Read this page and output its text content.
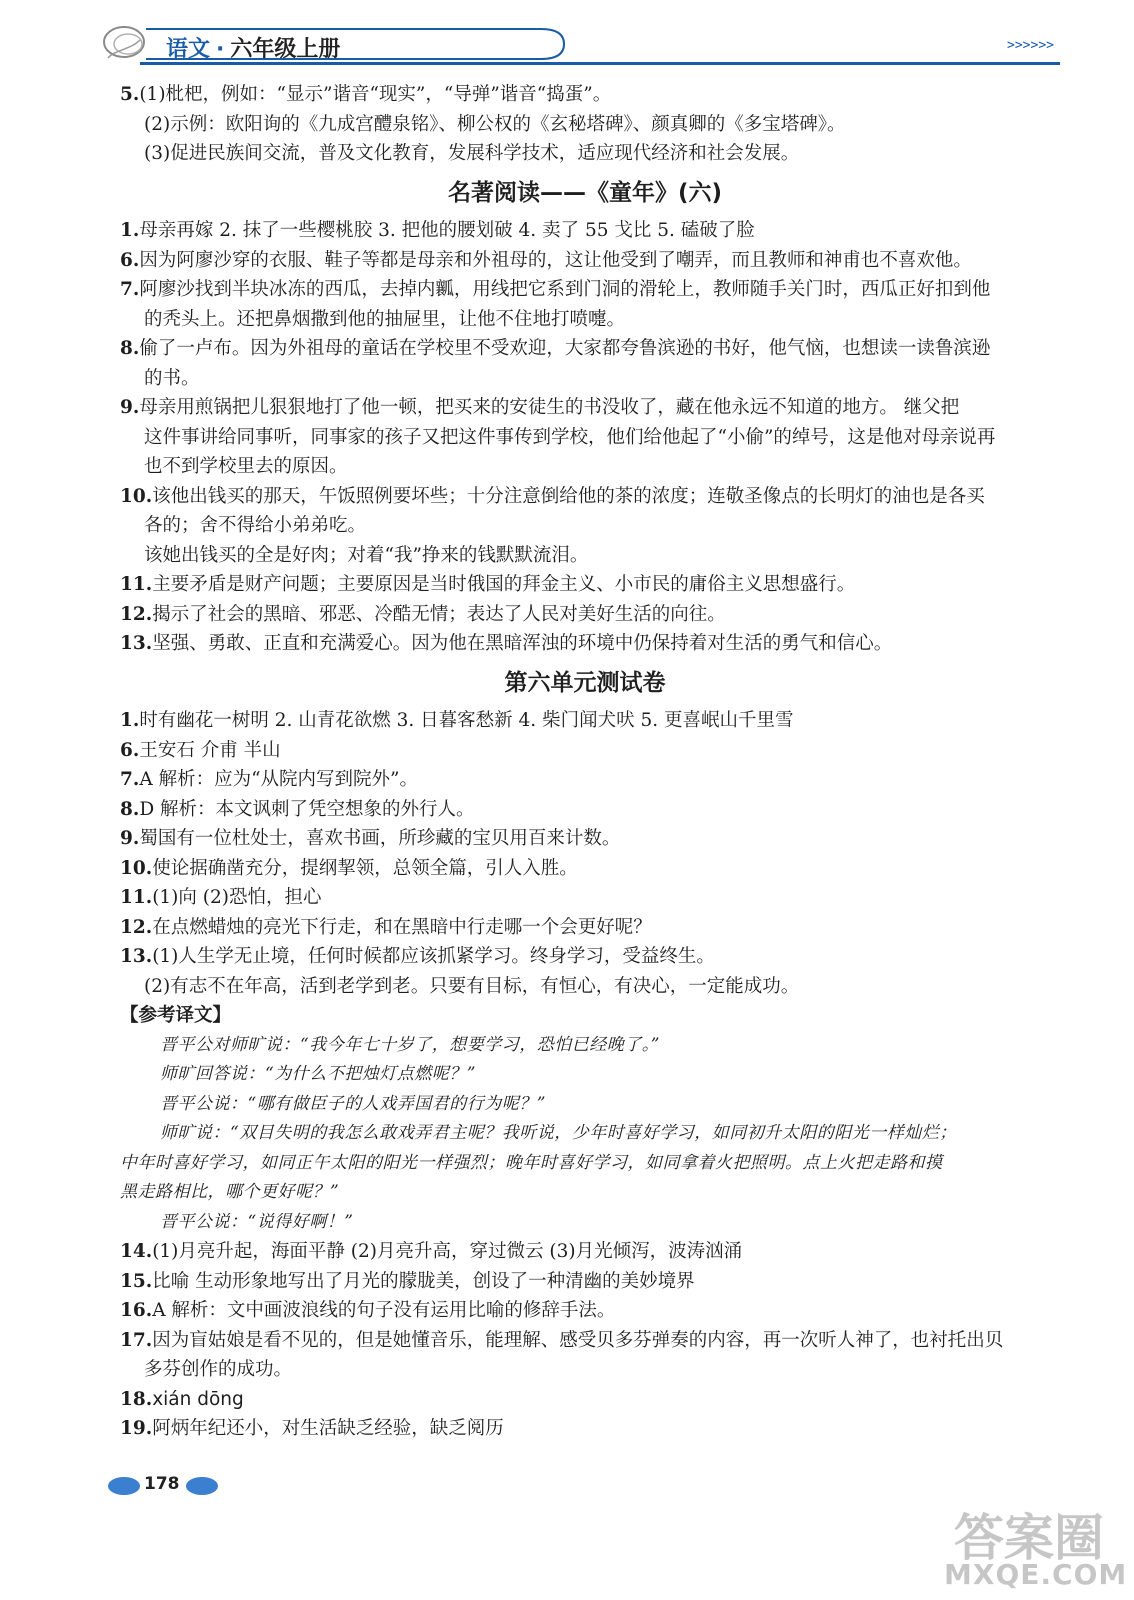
语文 · 六年级上册	>>>>>>
5.(1)枇杷，例如：“显示”谐音“现实”，“导弹”谐音“捣蛋”。
(2)示例：欧阳询的《九成宫醴泉铭》、柳公权的《玄秘塔碑》、颜真卿的《多宝塔碑》。
(3)促进民族间交流，普及文化教育，发展科学技术，适应现代经济和社会发展。
名著阅读——《童年》(六)
1.母亲再嫁 2. 抹了一些樱桃胶 3. 把他的腰划破 4. 卖了 55 戈比 5. 磕破了脸
6.因为阿廖沙穿的衣服、鞋子等都是母亲和外祖母的，这让他受到了嘲弄，而且教师和神甫也不喜欢他。
7.阿廖沙找到半块冰冻的西瓜，去掉内瓤，用线把它系到门洞的滑轮上，教师随手关门时，西瓜正好扣到他
的秃头上。还把鼻烟撒到他的抽屉里，让他不住地打喷嚏。
8.偷了一卢布。因为外祖母的童话在学校里不受欢迎，大家都夸鲁滨逊的书好，他气恼，也想读一读鲁滨逊
的书。
9.母亲用煎锅把儿狠狠地打了他一顿，把买来的安徒生的书没收了，藏在他永远不知道的地方。 继父把
这件事讲给同事听，同事家的孩子又把这件事传到学校，他们给他起了“小偷”的绰号，这是他对母亲说再
也不到学校里去的原因。
10.该他出钱买的那天，午饭照例要坏些；十分注意倒给他的茶的浓度；连敬圣像点的长明灯的油也是各买
各的；舍不得给小弟弟吃。
该她出钱买的全是好肉；对着“我”挣来的钱默默流泪。
11.主要矛盾是财产问题；主要原因是当时俄国的拜金主义、小市民的庸俗主义思想盛行。
12.揭示了社会的黑暗、邪恶、冷酷无情；表达了人民对美好生活的向往。
13.坚强、勇敢、正直和充满爱心。因为他在黑暗浑浊的环境中仍保持着对生活的勇气和信心。
第六单元测试卷
1.时有幽花一树明 2. 山青花欲燃 3. 日暮客愁新 4. 柴门闻犬吠 5. 更喜岷山千里雪
6.王安石 介甫 半山
7.A 解析：应为“从院内写到院外”。
8.D 解析：本文讽刺了凭空想象的外行人。
9.蜀国有一位杜处士，喜欢书画，所珍藏的宝贝用百来计数。
10.使论据确凿充分，提纲挈领，总领全篇，引人入胜。
11.(1)向 (2)恐怕，担心
12.在点燃蜡烛的亮光下行走，和在黑暗中行走哪一个会更好呢？
13.(1)人生学无止境，任何时候都应该抓紧学习。终身学习，受益终生。
(2)有志不在年高，活到老学到老。只要有目标，有恒心，有决心，一定能成功。
【参考译文】
晋平公对师旷说：“我今年七十岁了，想要学习，恐怕已经晚了。”
师旷回答说：“为什么不把烛灯点燃呢？”
晋平公说：“哪有做臣子的人戏弄国君的行为呢？”
师旷说：“双目失明的我怎么敢戏弄君主呢？我听说，少年时喜好学习，如同初升太阳的阳光一样灿烂；
中年时喜好学习，如同正午太阳的阳光一样强烈；晚年时喜好学习，如同拿着火把照明。点上火把走路和摸
黑走路相比，哪个更好呢？”
晋平公说：“说得好啊！”
14.(1)月亮升起，海面平静 (2)月亮升高，穿过微云 (3)月光倾泻，波涛汹涌
15.比喻 生动形象地写出了月光的朦胧美，创设了一种清幽的美妙境界
16.A 解析：文中画波浪线的句子没有运用比喻的修辞手法。
17.因为盲姑娘是看不见的，但是她懂音乐，能理解、感受贝多芬弹奏的内容，再一次听人神了，也衬托出贝
多芬创作的成功。
18.xián dōng
19.阿炳年纪还小，对生活缺乏经验，缺乏阅历
178
答案圈
MXQE.COM
